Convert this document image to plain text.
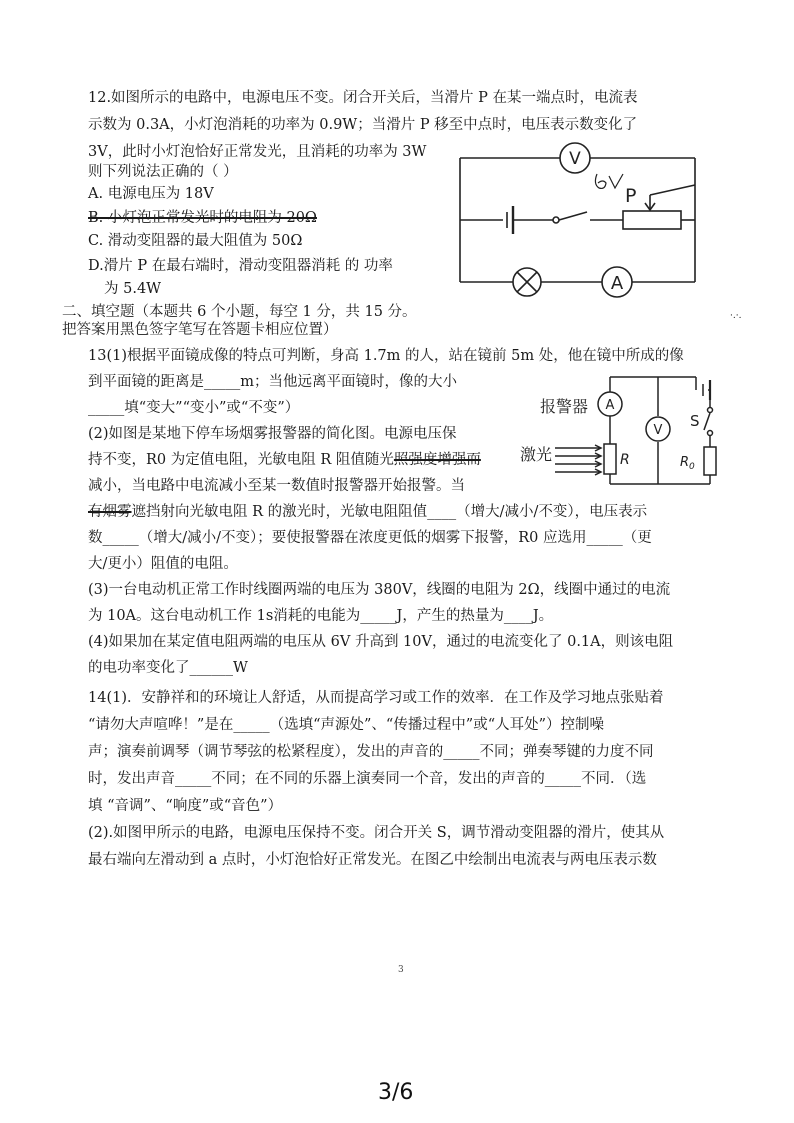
12.如图所示的电路中，电源电压不变。闭合开关后，当滑片 P 在某一端点时，电流表
示数为 0.3A，小灯泡消耗的功率为 0.9W；当滑片 P 移至中点时，电压表示数变化了
3V，此时小灯泡恰好正常发光，且消耗的功率为 3W
则下列说法正确的（ ）
A. 电源电压为 18V
B. 小灯泡正常发光时的电阻为 20Ω
C. 滑动变阻器的最大阻值为 50Ω
D.滑片 P 在最右端时，滑动变阻器消耗 的 功率
为 5.4W
V
P
A
二、填空题（本题共 6 个小题，每空 1 分，共 15 分。
把答案用黑色签字笔写在答题卡相应位置）
·.·.
13(1)根据平面镜成像的特点可判断，身高 1.7m 的人，站在镜前 5m 处，他在镜中所成的像
到平面镜的距离是_____m；当他远离平面镜时，像的大小
_____填“变大”“变小”或“不变”）
(2)如图是某地下停车场烟雾报警器的简化图。电源电压保
持不变，R0 为定值电阻，光敏电阻 R 阻值随光照强度增强而
减小，当电路中电流减小至某一数值时报警器开始报警。当
有烟雾遮挡射向光敏电阻 R 的激光时，光敏电阻阻值____（增大/减小/不变），电压表示
数_____（增大/减小/不变）；要使报警器在浓度更低的烟雾下报警，R0 应选用_____（更
大/更小）阻值的电阻。
报警器 A
V
S
激光	R	$R_0$
(3)一台电动机正常工作时线圈两端的电压为 380V，线圈的电阻为 2Ω，线圈中通过的电流
为 10A。这台电动机工作 1s消耗的电能为_____J，产生的热量为____J。
(4)如果加在某定值电阻两端的电压从 6V 升高到 10V，通过的电流变化了 0.1A，则该电阻
的电功率变化了______W
14(1)．安静祥和的环境让人舒适，从而提高学习或工作的效率．在工作及学习地点张贴着
“请勿大声喧哗！”是在_____（选填“声源处”、“传播过程中”或“人耳处”）控制噪
声；演奏前调琴（调节琴弦的松紧程度），发出的声音的_____不同；弹奏琴键的力度不同
时，发出声音_____不同；在不同的乐器上演奏同一个音，发出的声音的_____不同．（选
填 “音调”、“响度”或“音色”）
(2).如图甲所示的电路，电源电压保持不变。闭合开关 S，调节滑动变阻器的滑片，使其从
最右端向左滑动到 a 点时，小灯泡恰好正常发光。在图乙中绘制出电流表与两电压表示数
3
3/6
